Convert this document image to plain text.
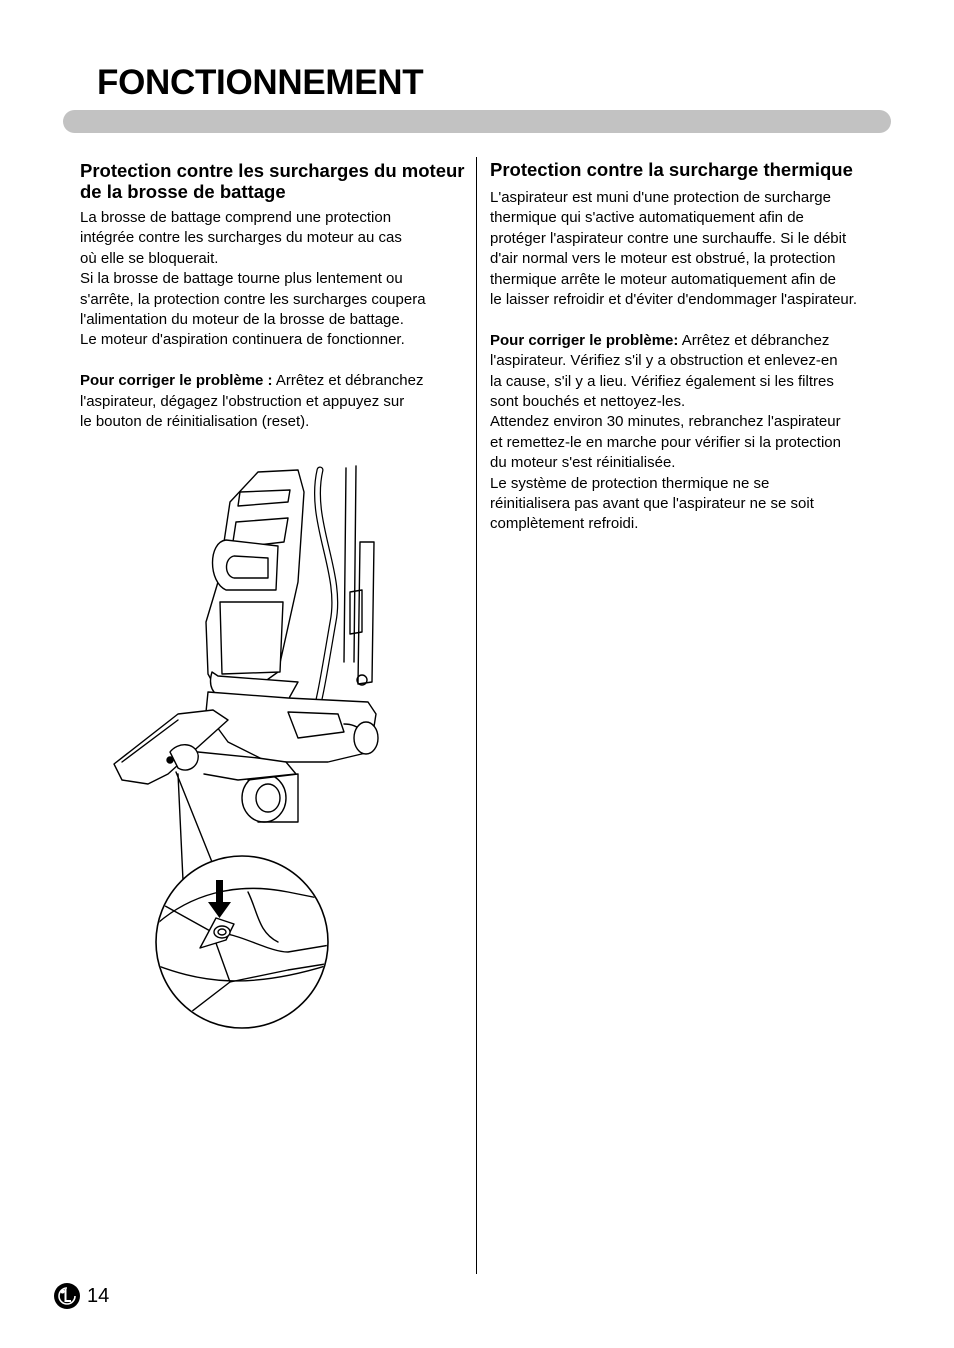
FONCTIONNEMENT
Protection contre les surcharges du moteur de la brosse de battage

La brosse de battage comprend une protection
intégrée contre les surcharges du moteur au cas
où elle se bloquerait.
Si la brosse de battage tourne plus lentement ou
s'arrête, la protection contre les surcharges coupera
l'alimentation du moteur de la brosse de battage.
Le moteur d'aspiration continuera de fonctionner.

Pour corriger le problème : Arrêtez et débranchez
l'aspirateur, dégagez l'obstruction et appuyez sur
le bouton de réinitialisation (reset).

Protection contre la surcharge thermique

L'aspirateur est muni d'une protection de surcharge
thermique qui s'active automatiquement afin de
protéger l'aspirateur contre une surchauffe. Si le débit
d'air normal vers le moteur est obstrué, la protection
thermique arrête le moteur automatiquement afin de
le laisser refroidir et d'éviter d'endommager l'aspirateur.

Pour corriger le problème: Arrêtez et débranchez
l'aspirateur. Vérifiez s'il y a obstruction et enlevez-en
la cause, s'il y a lieu. Vérifiez également si les filtres
sont bouchés et nettoyez-les.
Attendez environ 30 minutes, rebranchez l'aspirateur
et remettez-le en marche pour vérifier si la protection
du moteur s'est réinitialisée.
Le système de protection thermique ne se
réinitialisera pas avant que l'aspirateur ne se soit
complètement refroidi.

14
